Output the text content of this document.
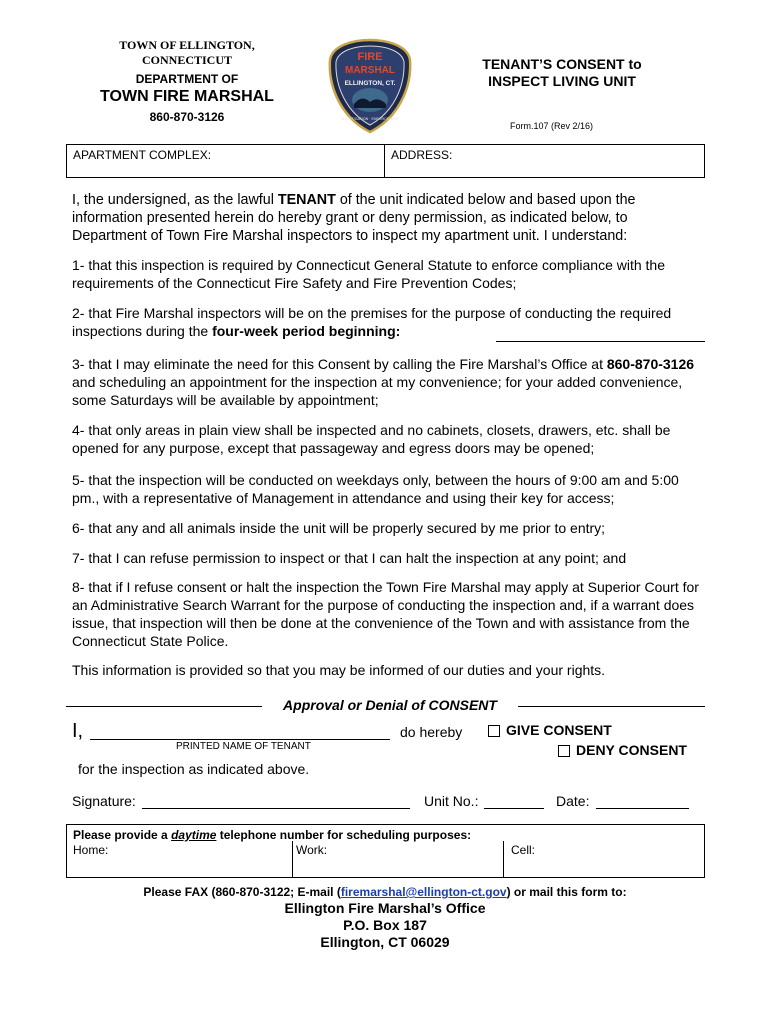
TOWN OF ELLINGTON,
CONNECTICUT
DEPARTMENT OF
TOWN FIRE MARSHAL
860-870-3126
FIRE
MARSHAL
ELLINGTON, CT.
INVESTIGATION · ENFORCEMENT
TENANT’S CONSENT to
INSPECT LIVING UNIT
Form.107 (Rev 2/16)
APARTMENT COMPLEX:	ADDRESS:
I, the undersigned, as the lawful TENANT of the unit indicated below and based upon the information presented herein do hereby grant or deny permission, as indicated below, to Department of Town Fire Marshal inspectors to inspect my apartment unit. I understand:
1- that this inspection is required by Connecticut General Statute to enforce compliance with the requirements of the Connecticut Fire Safety and Fire Prevention Codes;
2- that Fire Marshal inspectors will be on the premises for the purpose of conducting the required inspections during the four-week period beginning:
3- that I may eliminate the need for this Consent by calling the Fire Marshal’s Office at 860-870-3126 and scheduling an appointment for the inspection at my convenience; for your added convenience, some Saturdays will be available by appointment;
4- that only areas in plain view shall be inspected and no cabinets, closets, drawers, etc. shall be opened for any purpose, except that passageway and egress doors may be opened;
5- that the inspection will be conducted on weekdays only, between the hours of 9:00 am and 5:00 pm., with a representative of Management in attendance and using their key for access;
6- that any and all animals inside the unit will be properly secured by me prior to entry;
7- that I can refuse permission to inspect or that I can halt the inspection at any point; and
8- that if I refuse consent or halt the inspection the Town Fire Marshal may apply at Superior Court for an Administrative Search Warrant for the purpose of conducting the inspection and, if a warrant does issue, that inspection will then be done at the convenience of the Town and with assistance from the Connecticut State Police.
This information is provided so that you may be informed of our duties and your rights.
Approval or Denial of CONSENT
I,
PRINTED NAME OF TENANT
do hereby	GIVE CONSENT
DENY CONSENT
for the inspection as indicated above.
Signature:	Unit No.:	Date:
Please provide a daytime telephone number for scheduling purposes:
Home:	Work:	Cell:
Please FAX (860-870-3122; E-mail (firemarshal@ellington-ct.gov) or mail this form to:
Ellington Fire Marshal’s Office
P.O. Box 187
Ellington, CT 06029
